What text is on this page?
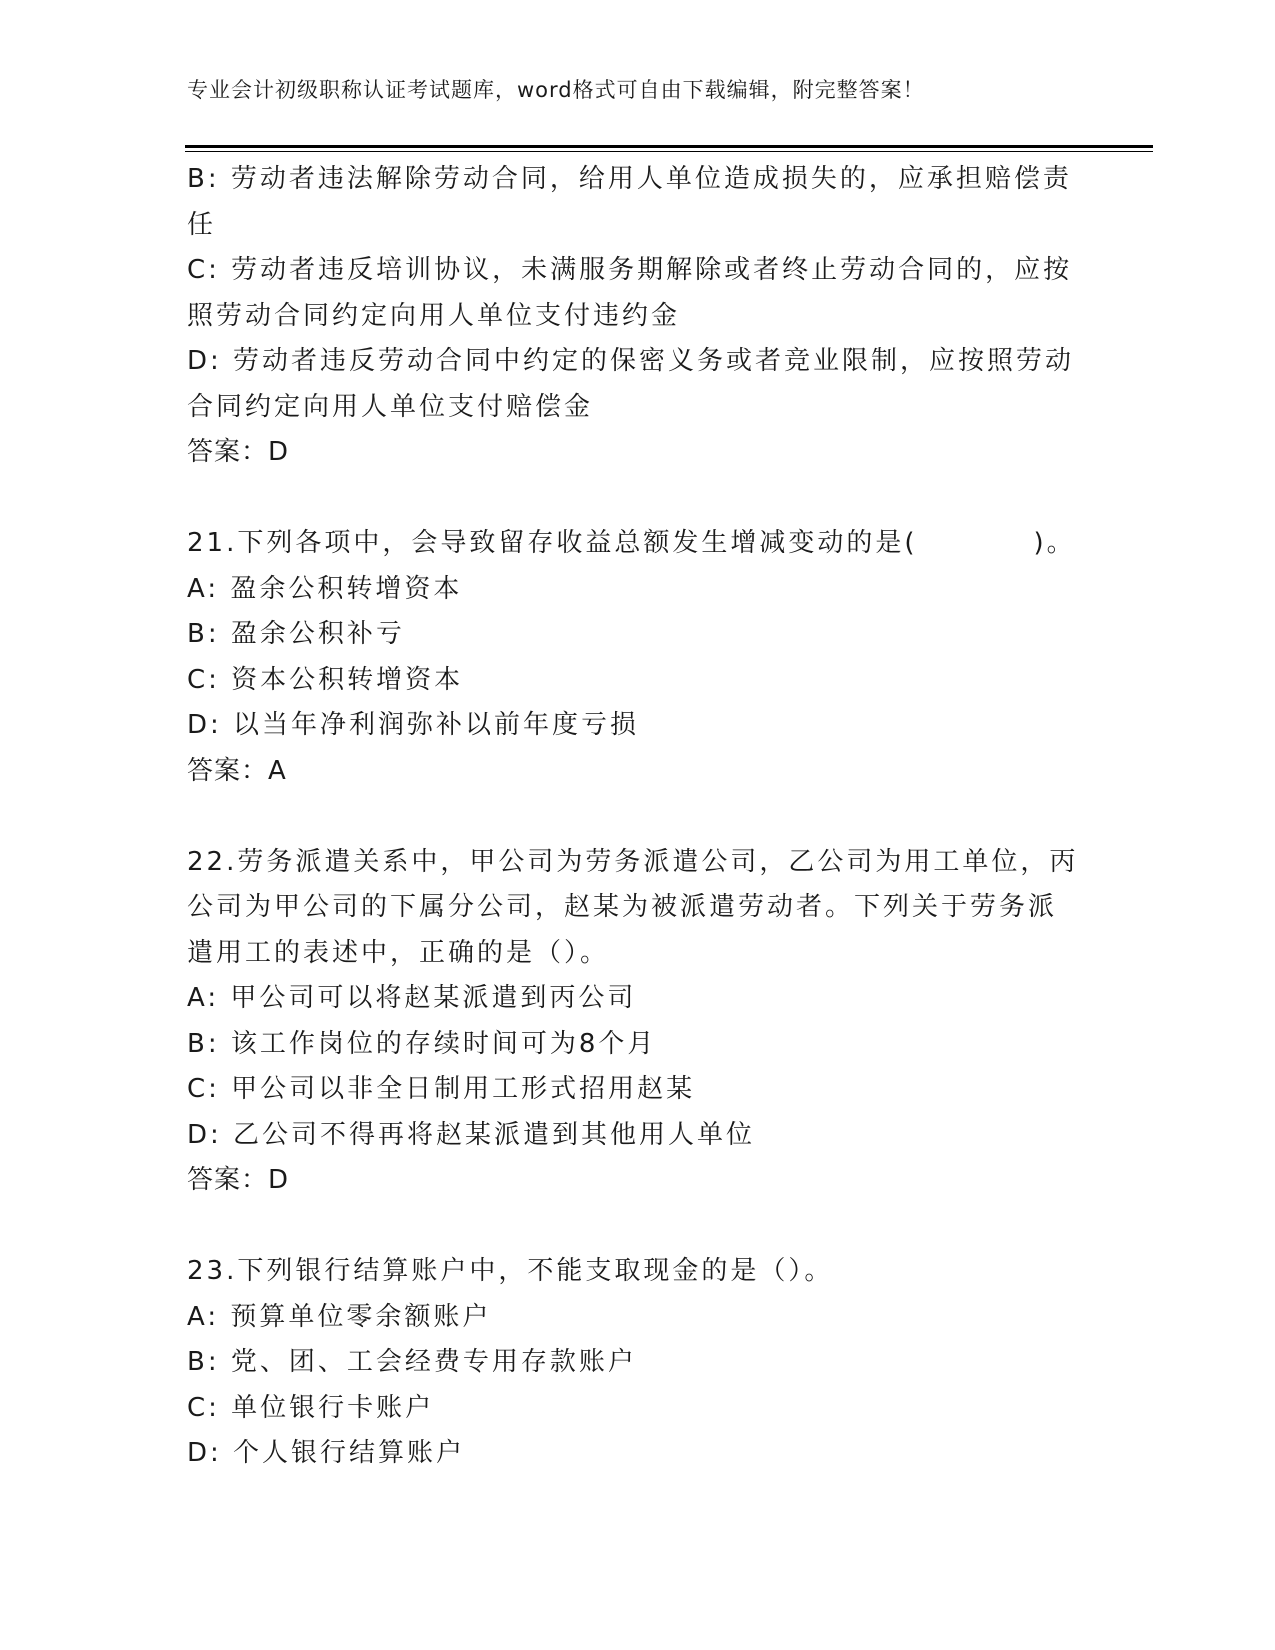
专业会计初级职称认证考试题库，word格式可自由下载编辑，附完整答案！
B: 劳动者违法解除劳动合同，给用人单位造成损失的，应承担赔偿责
任
C: 劳动者违反培训协议，未满服务期解除或者终止劳动合同的，应按
照劳动合同约定向用人单位支付违约金
D: 劳动者违反劳动合同中约定的保密义务或者竞业限制，应按照劳动
合同约定向用人单位支付赔偿金
答案：D
21.下列各项中，会导致留存收益总额发生增减变动的是(　　　　)。
A: 盈余公积转增资本
B: 盈余公积补亏
C: 资本公积转增资本
D: 以当年净利润弥补以前年度亏损
答案：A
22.劳务派遣关系中，甲公司为劳务派遣公司，乙公司为用工单位，丙
公司为甲公司的下属分公司，赵某为被派遣劳动者。下列关于劳务派
遣用工的表述中，正确的是（）。
A: 甲公司可以将赵某派遣到丙公司
B: 该工作岗位的存续时间可为8个月
C: 甲公司以非全日制用工形式招用赵某
D: 乙公司不得再将赵某派遣到其他用人单位
答案：D
23.下列银行结算账户中，不能支取现金的是（）。
A: 预算单位零余额账户
B: 党、团、工会经费专用存款账户
C: 单位银行卡账户
D: 个人银行结算账户
